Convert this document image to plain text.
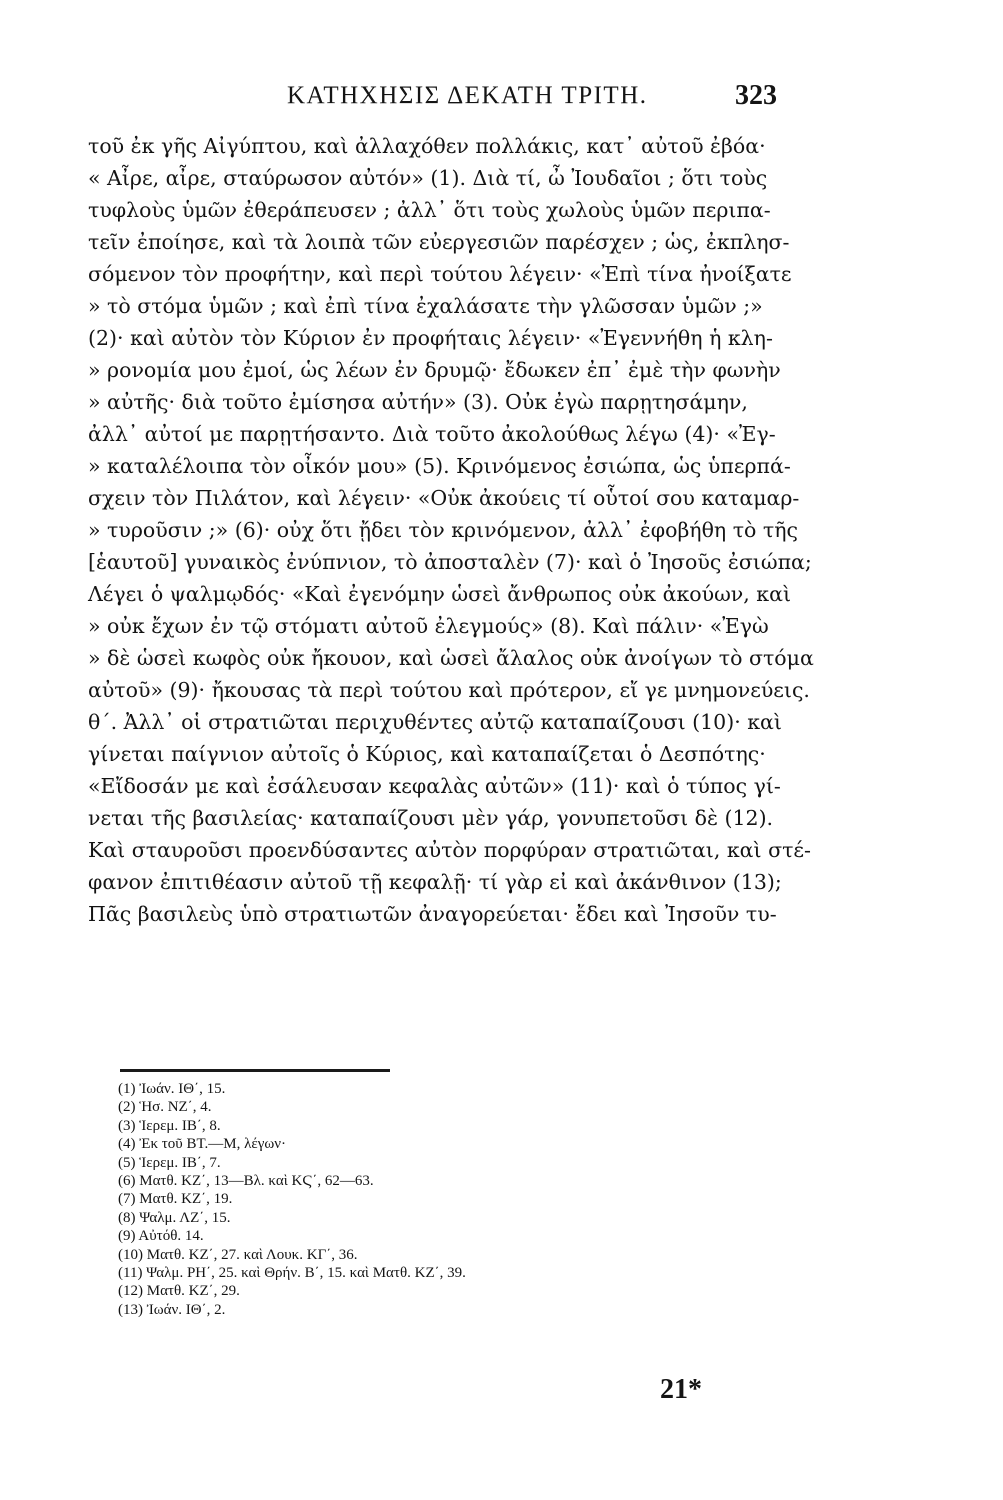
ΚΑΤΗΧΗΣΙΣ ΔΕΚΑΤΗ ΤΡΙΤΗ.	323
τοῦ ἐκ γῆς Αἰγύπτου, καὶ ἀλλαχόθεν πολλάκις, κατ᾽ αὐτοῦ ἐβόα·
« Αἶρε, αἶρε, σταύρωσον αὐτόν» (1). Διὰ τί, ὦ Ἰουδαῖοι ; ὅτι τοὺς
τυφλοὺς ὑμῶν ἐθεράπευσεν ; ἀλλ᾽ ὅτι τοὺς χωλοὺς ὑμῶν περιπα-
τεῖν ἐποίησε, καὶ τὰ λοιπὰ τῶν εὐεργεσιῶν παρέσχεν ; ὡς, ἐκπλησ-
σόμενον τὸν προφήτην, καὶ περὶ τούτου λέγειν· «Ἐπὶ τίνα ἠνοίξατε
» τὸ στόμα ὑμῶν ; καὶ ἐπὶ τίνα ἐχαλάσατε τὴν γλῶσσαν ὑμῶν ;»
(2)· καὶ αὐτὸν τὸν Κύριον ἐν προφήταις λέγειν· «Ἐγεννήθη ἡ κλη-
» ρονομία μου ἐμοί, ὡς λέων ἐν δρυμῷ· ἔδωκεν ἐπ᾽ ἐμὲ τὴν φωνὴν
» αὐτῆς· διὰ τοῦτο ἐμίσησα αὐτήν» (3). Οὐκ ἐγὼ παρῃτησάμην,
ἀλλ᾽ αὐτοί με παρῃτήσαντο. Διὰ τοῦτο ἀκολούθως λέγω (4)· «Ἐγ-
» καταλέλοιπα τὸν οἶκόν μου» (5). Κρινόμενος ἐσιώπα, ὡς ὑπερπά-
σχειν τὸν Πιλάτον, καὶ λέγειν· «Οὐκ ἀκούεις τί οὗτοί σου καταμαρ-
» τυροῦσιν ;» (6)· οὐχ ὅτι ᾔδει τὸν κρινόμενον, ἀλλ᾽ ἐφοβήθη τὸ τῆς
[ἑαυτοῦ] γυναικὸς ἐνύπνιον, τὸ ἀποσταλὲν (7)· καὶ ὁ Ἰησοῦς ἐσιώπα;
Λέγει ὁ ψαλμῳδός· «Καὶ ἐγενόμην ὡσεὶ ἄνθρωπος οὐκ ἀκούων, καὶ
» οὐκ ἔχων ἐν τῷ στόματι αὐτοῦ ἐλεγμούς» (8). Καὶ πάλιν· «Ἐγὼ
» δὲ ὡσεὶ κωφὸς οὐκ ἤκουον, καὶ ὡσεὶ ἄλαλος οὐκ ἀνοίγων τὸ στόμα
αὐτοῦ» (9)· ἤκουσας τὰ περὶ τούτου καὶ πρότερον, εἴ γε μνημονεύεις.
θ΄. Ἀλλ᾽ οἱ στρατιῶται περιχυθέντες αὐτῷ καταπαίζουσι (10)· καὶ
γίνεται παίγνιον αὐτοῖς ὁ Κύριος, καὶ καταπαίζεται ὁ Δεσπότης·
«Εἴδοσάν με καὶ ἐσάλευσαν κεφαλὰς αὐτῶν» (11)· καὶ ὁ τύπος γί-
νεται τῆς βασιλείας· καταπαίζουσι μὲν γάρ, γονυπετοῦσι δὲ (12).
Καὶ σταυροῦσι προενδύσαντες αὐτὸν πορφύραν στρατιῶται, καὶ στέ-
φανον ἐπιτιθέασιν αὐτοῦ τῇ κεφαλῇ· τί γὰρ εἰ καὶ ἀκάνθινον (13);
Πᾶς βασιλεὺς ὑπὸ στρατιωτῶν ἀναγορεύεται· ἔδει καὶ Ἰησοῦν τυ-
(1) Ἰωάν. ΙΘ΄, 15.
(2) Ἡσ. ΝΖ΄, 4.
(3) Ἱερεμ. ΙΒ΄, 8.
(4) Ἐκ τοῦ ΒΤ.—Μ, λέγων·
(5) Ἱερεμ. ΙΒ΄, 7.
(6) Ματθ. ΚΖ΄, 13—Βλ. καὶ ΚϚ΄, 62—63.
(7) Ματθ. ΚΖ΄, 19.
(8) Ψαλμ. ΛΖ΄, 15.
(9) Αὐτόθ. 14.
(10) Ματθ. ΚΖ΄, 27. καὶ Λουκ. ΚΓ΄, 36.
(11) Ψαλμ. ΡΗ΄, 25. καὶ Θρήν. Β΄, 15. καὶ Ματθ. ΚΖ΄, 39.
(12) Ματθ. ΚΖ΄, 29.
(13) Ἰωάν. ΙΘ΄, 2.
21*
